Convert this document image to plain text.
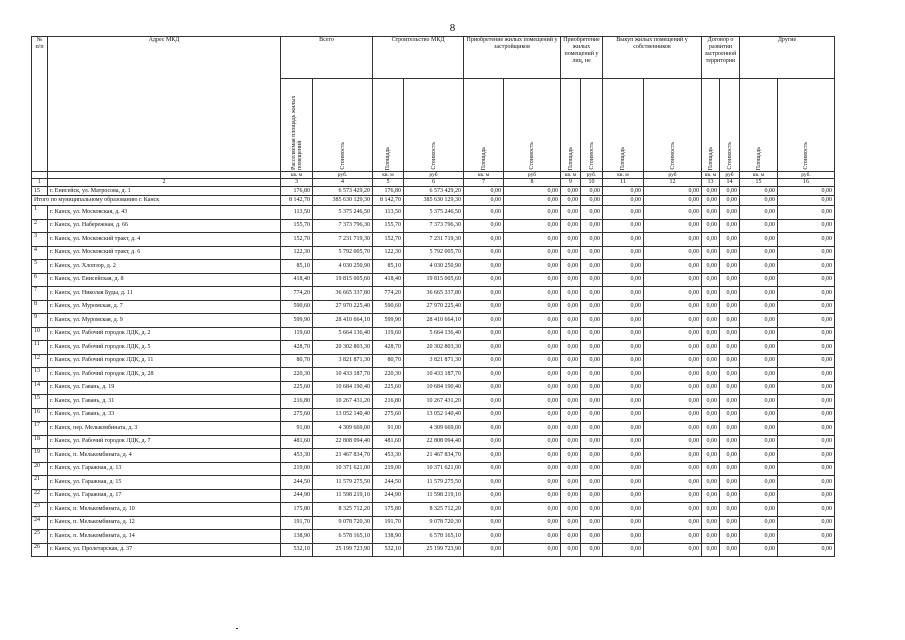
8
№ п/п	Адрес МКД	Всего		Строительство МКД		Приобретение жилых помещений у застройщиков		Приобретение жилых помещений у лиц, не		Выкуп жилых помещений у собственников		Договор о развитии застроенной территории		Другие	

		Расселяемая площадь жилых помещений	Стоимость	Площадь	Стоимость	Площадь	Стоимость	Площадь	Стоимость	Площадь	Стоимость	Площадь	Стоимость	Площадь	Стоимость

		кв. м	руб.	кв. м	руб	кв. м	руб	кв. м	руб.	кв. м	руб	кв. м	руб	кв. м	руб.
1	2	3	4	5	6	7	8	9	10	11	12	13	14	15	16
15	г. Енисейск, ул. Матросова, д. 1	176,80	6 573 429,20	176,80	6 573 429,20	0,00	0,00	0,00	0,00	0,00	0,00	0,00	0,00	0,00	0,00
Итого по муниципальному образованию г. Канск		8 142,70	385 630 129,30	8 142,70	385 630 129,30	0,00	0,00	0,00	0,00	0,00	0,00	0,00	0,00	0,00	0,00
1	г. Канск, ул. Московская, д. 43	113,50	5 375 246,50	113,50	5 375 246,50	0,00	0,00	0,00	0,00	0,00	0,00	0,00	0,00	0,00	0,00
2	г. Канск, ул. Набережная, д. 66	155,70	7 373 796,30	155,70	7 373 796,30	0,00	0,00	0,00	0,00	0,00	0,00	0,00	0,00	0,00	0,00
3	г. Канск, ул. Московский тракт, д. 4	152,70	7 231 719,30	152,70	7 231 719,30	0,00	0,00	0,00	0,00	0,00	0,00	0,00	0,00	0,00	0,00
4	г. Канск, ул. Московский тракт, д. 6	122,30	5 792 005,70	122,30	5 792 005,70	0,00	0,00	0,00	0,00	0,00	0,00	0,00	0,00	0,00	0,00
5	г. Канск, ул. Хлопзор, д. 2	85,10	4 030 250,90	85,10	4 030 250,90	0,00	0,00	0,00	0,00	0,00	0,00	0,00	0,00	0,00	0,00
6	г. Канск, ул. Енисейская, д. 8	418,40	19 815 005,60	418,40	19 815 005,60	0,00	0,00	0,00	0,00	0,00	0,00	0,00	0,00	0,00	0,00
7	г. Канск, ул. Николая Буды, д. 11	774,20	36 665 337,80	774,20	36 665 337,80	0,00	0,00	0,00	0,00	0,00	0,00	0,00	0,00	0,00	0,00
8	г. Канск, ул. Муромская, д. 7	590,60	27 970 225,40	590,60	27 970 225,40	0,00	0,00	0,00	0,00	0,00	0,00	0,00	0,00	0,00	0,00
9	г. Канск, ул. Муромская, д. 9	599,90	28 410 664,10	599,90	28 410 664,10	0,00	0,00	0,00	0,00	0,00	0,00	0,00	0,00	0,00	0,00
10	г. Канск, ул. Рабочий городок ЛДК, д. 2	119,60	5 664 136,40	119,60	5 664 136,40	0,00	0,00	0,00	0,00	0,00	0,00	0,00	0,00	0,00	0,00
11	г. Канск, ул. Рабочий городок ЛДК, д. 5	428,70	20 302 803,30	428,70	20 302 803,30	0,00	0,00	0,00	0,00	0,00	0,00	0,00	0,00	0,00	0,00
12	г. Канск, ул. Рабочий городок ЛДК, д. 11	80,70	3 821 871,30	80,70	3 821 871,30	0,00	0,00	0,00	0,00	0,00	0,00	0,00	0,00	0,00	0,00
13	г. Канск, ул. Рабочий городок ЛДК, д. 28	220,30	10 433 187,70	220,30	10 433 187,70	0,00	0,00	0,00	0,00	0,00	0,00	0,00	0,00	0,00	0,00
14	г. Канск, ул. Гавань, д. 19	225,60	10 684 190,40	225,60	10 684 190,40	0,00	0,00	0,00	0,00	0,00	0,00	0,00	0,00	0,00	0,00
15	г. Канск, ул. Гавань, д. 31	216,80	10 267 431,20	216,80	10 267 431,20	0,00	0,00	0,00	0,00	0,00	0,00	0,00	0,00	0,00	0,00
16	г. Канск, ул. Гавань, д. 33	275,60	13 052 140,40	275,60	13 052 140,40	0,00	0,00	0,00	0,00	0,00	0,00	0,00	0,00	0,00	0,00
17	г. Канск, пер. Мелькомбината, д. 3	91,00	4 309 669,00	91,00	4 309 669,00	0,00	0,00	0,00	0,00	0,00	0,00	0,00	0,00	0,00	0,00
18	г. Канск, ул. Рабочий городок ЛДК, д. 7	481,60	22 808 094,40	481,60	22 808 094,40	0,00	0,00	0,00	0,00	0,00	0,00	0,00	0,00	0,00	0,00
19	г. Канск, п. Мелькомбината, д. 4	453,30	21 467 834,70	453,30	21 467 834,70	0,00	0,00	0,00	0,00	0,00	0,00	0,00	0,00	0,00	0,00
20	г. Канск, ул. Гаражная, д. 13	219,00	10 371 621,00	219,00	10 371 621,00	0,00	0,00	0,00	0,00	0,00	0,00	0,00	0,00	0,00	0,00
21	г. Канск, ул. Гаражная, д. 15	244,50	11 579 275,50	244,50	11 579 275,50	0,00	0,00	0,00	0,00	0,00	0,00	0,00	0,00	0,00	0,00
22	г. Канск, ул. Гаражная, д. 17	244,90	11 598 219,10	244,90	11 598 219,10	0,00	0,00	0,00	0,00	0,00	0,00	0,00	0,00	0,00	0,00
23	г. Канск, п. Мелькомбината, д. 10	175,80	8 325 712,20	175,80	8 325 712,20	0,00	0,00	0,00	0,00	0,00	0,00	0,00	0,00	0,00	0,00
24	г. Канск, п. Мелькомбината, д. 12	191,70	9 078 720,30	191,70	9 078 720,30	0,00	0,00	0,00	0,00	0,00	0,00	0,00	0,00	0,00	0,00
25	г. Канск, п. Мелькомбината, д. 14	138,90	6 578 165,10	138,90	6 578 165,10	0,00	0,00	0,00	0,00	0,00	0,00	0,00	0,00	0,00	0,00
26	г. Канск, ул. Пролетарская, д. 37	532,10	25 199 723,90	532,10	25 199 723,90	0,00	0,00	0,00	0,00	0,00	0,00	0,00	0,00	0,00	0,00
